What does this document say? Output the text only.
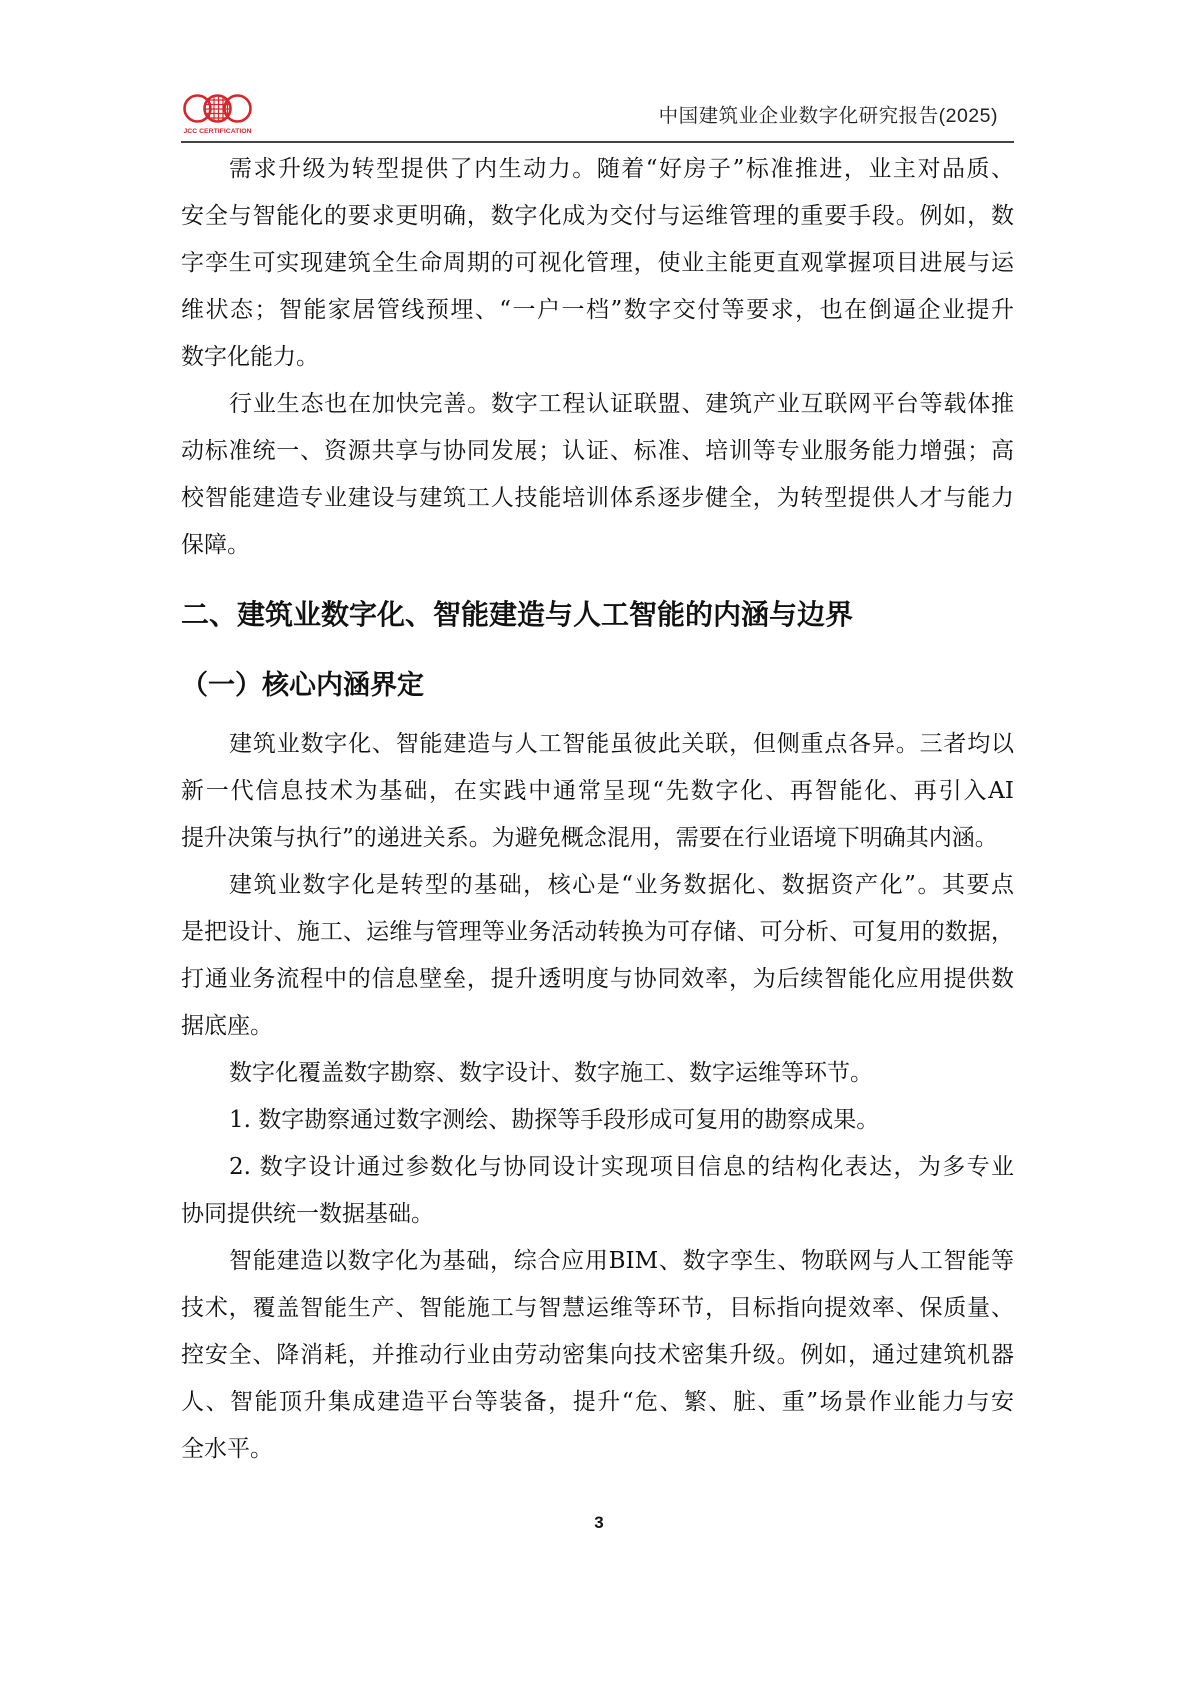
JCC CERTIFICATION
中国建筑业企业数字化研究报告(2025)
需求升级为转型提供了内生动力。随着“好房子”标准推进，业主对品质、
安全与智能化的要求更明确，数字化成为交付与运维管理的重要手段。例如，数
字孪生可实现建筑全生命周期的可视化管理，使业主能更直观掌握项目进展与运
维状态；智能家居管线预埋、“一户一档”数字交付等要求，也在倒逼企业提升
数字化能力。
行业生态也在加快完善。数字工程认证联盟、建筑产业互联网平台等载体推
动标准统一、资源共享与协同发展；认证、标准、培训等专业服务能力增强；高
校智能建造专业建设与建筑工人技能培训体系逐步健全，为转型提供人才与能力
保障。
二、建筑业数字化、智能建造与人工智能的内涵与边界
（一）核心内涵界定
建筑业数字化、智能建造与人工智能虽彼此关联，但侧重点各异。三者均以
新一代信息技术为基础，在实践中通常呈现“先数字化、再智能化、再引入AI
提升决策与执行”的递进关系。为避免概念混用，需要在行业语境下明确其内涵。
建筑业数字化是转型的基础，核心是“业务数据化、数据资产化”。其要点
是把设计、施工、运维与管理等业务活动转换为可存储、可分析、可复用的数据，
打通业务流程中的信息壁垒，提升透明度与协同效率，为后续智能化应用提供数
据底座。
数字化覆盖数字勘察、数字设计、数字施工、数字运维等环节。
1. 数字勘察通过数字测绘、勘探等手段形成可复用的勘察成果。
2. 数字设计通过参数化与协同设计实现项目信息的结构化表达，为多专业
协同提供统一数据基础。
智能建造以数字化为基础，综合应用BIM、数字孪生、物联网与人工智能等
技术，覆盖智能生产、智能施工与智慧运维等环节，目标指向提效率、保质量、
控安全、降消耗，并推动行业由劳动密集向技术密集升级。例如，通过建筑机器
人、智能顶升集成建造平台等装备，提升“危、繁、脏、重”场景作业能力与安
全水平。
3
